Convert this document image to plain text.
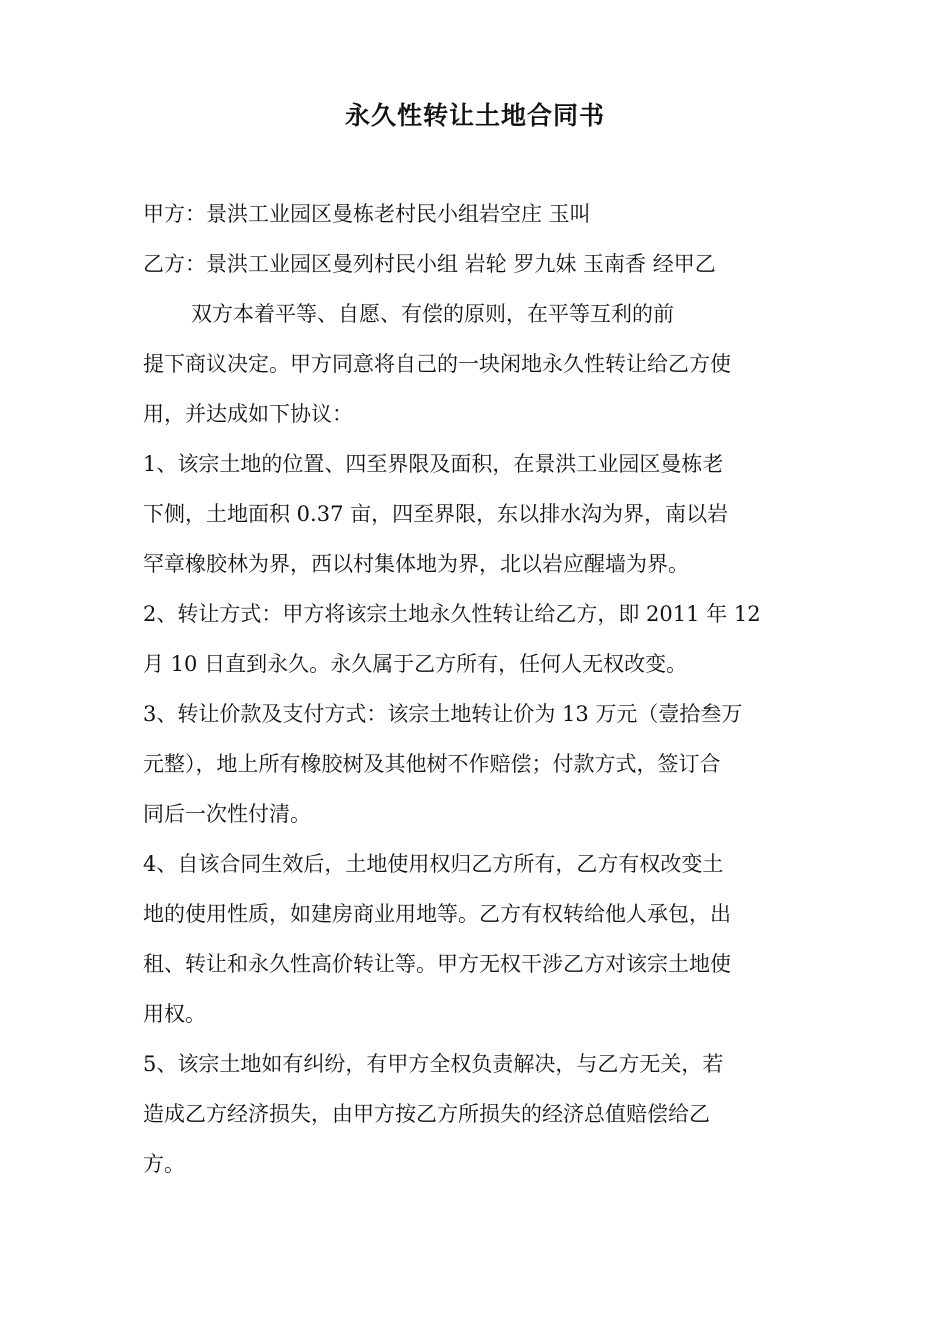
永久性转让土地合同书

甲方：景洪工业园区曼栋老村民小组岩空庄 玉叫

乙方：景洪工业园区曼列村民小组 岩轮 罗九妹 玉南香 经甲乙

双方本着平等、自愿、有偿的原则，在平等互利的前

提下商议决定。甲方同意将自己的一块闲地永久性转让给乙方使

用，并达成如下协议：

1、该宗土地的位置、四至界限及面积，在景洪工业园区曼栋老

下侧，土地面积 0.37 亩，四至界限，东以排水沟为界，南以岩

罕章橡胶林为界，西以村集体地为界，北以岩应醒墙为界。

2、转让方式：甲方将该宗土地永久性转让给乙方，即 2011 年 12

月 10 日直到永久。永久属于乙方所有，任何人无权改变。

3、转让价款及支付方式：该宗土地转让价为 13 万元（壹拾叁万

元整），地上所有橡胶树及其他树不作赔偿；付款方式，签订合

同后一次性付清。

4、自该合同生效后，土地使用权归乙方所有，乙方有权改变土

地的使用性质，如建房商业用地等。乙方有权转给他人承包，出

租、转让和永久性高价转让等。甲方无权干涉乙方对该宗土地使

用权。

5、该宗土地如有纠纷，有甲方全权负责解决，与乙方无关，若

造成乙方经济损失，由甲方按乙方所损失的经济总值赔偿给乙

方。
